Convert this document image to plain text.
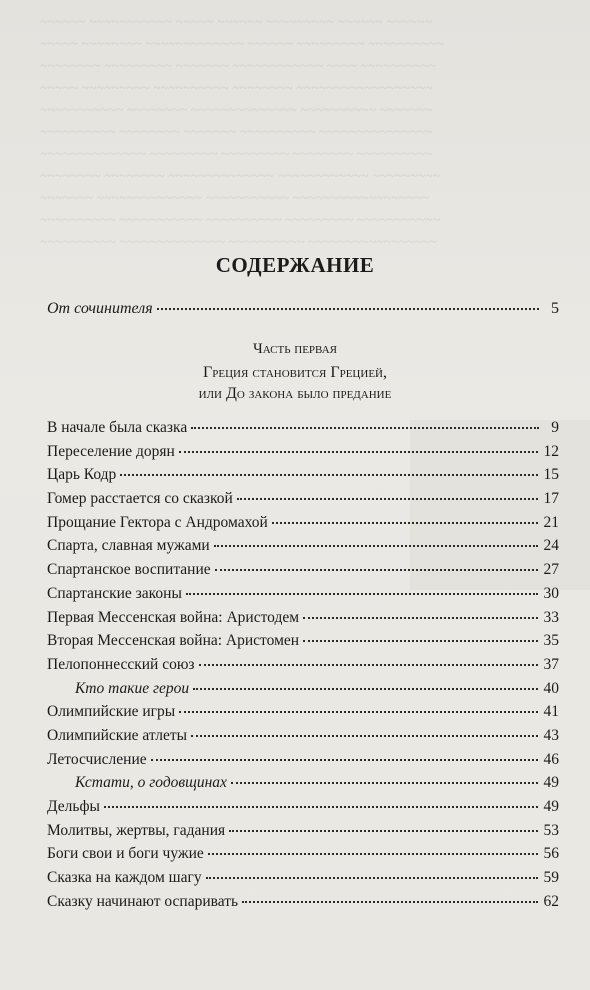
~~~~~~ ~~~~~~~~~~~ ~~~~~ ~~~~~~ ~~~~~~~~~ ~~~~~~ ~~~~~~
~~~~~ ~~~~~~~~ ~~~~~~~~~~~~~ ~~~~~~ ~~~~~~~~~ ~~~~~~~~~~
~~~~~~~~ ~~~~~~~~~ ~~~~~~~ ~~~~~~~~~~~~ ~~~~ ~~~~~~~~~~
~~~~~ ~~~~~~~~~ ~~~~~~~~~~ ~~~~~~~~ ~~~~~~~~~~~~~~~~~~
~~~~~~~~~~~ ~~~~~~~~ ~~~~~~~~~~~~~~ ~~~~~~~~~~ ~~~~~~~
~~~~~~~~~~ ~~~~~~~~ ~~~~~~~ ~~~~~~~~~~ ~~~~~~~~~~~~~~~
~~~~~~~~~~~~~~ ~~~~~~~~~ ~~~~~~~~~ ~~~~~~~~ ~~~~~~~~~~
~~~~~~~~ ~~~~~~~~ ~~~~~~~~~~~~~~ ~~~~~~~~~~~~ ~~~~~~~~~
~~~~~~~ ~~~~~~~~~~~~~~ ~~~~~~~~~~~ ~~~~~~~~~~~~~~~~~~
~~~~~~~~~~ ~~~~~~~~~~~ ~~~~~~~~~~ ~~~~~~~~~ ~~~~~~~~~~~
~~~~~~~~~~ ~~~~~~~~~~~~~~ ~~~~~~~~~~ ~~~~~~~~~~~~~~~~~
СОДЕРЖАНИЕ
От сочинителя	5
Часть первая
Греция становится Грецией,
или До закона было предание
В начале была сказка	9
Переселение дорян	12
Царь Кодр	15
Гомер расстается со сказкой	17
Прощание Гектора с Андромахой	21
Спарта, славная мужами	24
Спартанское воспитание	27
Спартанские законы	30
Первая Мессенская война: Аристодем	33
Вторая Мессенская война: Аристомен	35
Пелопоннесский союз	37
Кто такие герои	40
Олимпийские игры	41
Олимпийские атлеты	43
Летосчисление	46
Кстати, о годовщинах	49
Дельфы	49
Молитвы, жертвы, гадания	53
Боги свои и боги чужие	56
Сказка на каждом шагу	59
Сказку начинают оспаривать	62
